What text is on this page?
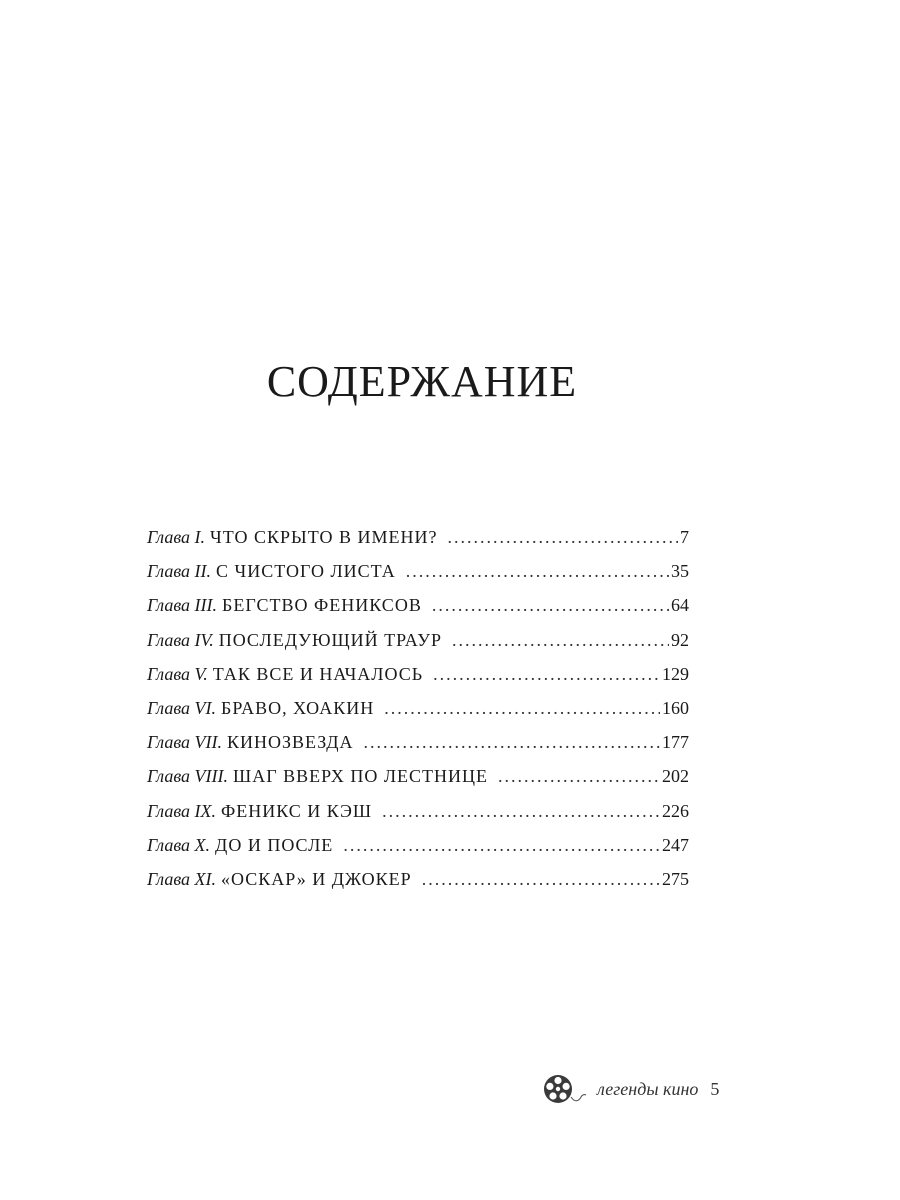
СОДЕРЖАНИЕ
Глава I. ЧТО СКРЫТО В ИМЕНИ? .....	7
Глава II. С ЧИСТОГО ЛИСТА .....	35
Глава III. БЕГСТВО ФЕНИКСОВ .....	64
Глава IV. ПОСЛЕДУЮЩИЙ ТРАУР .....	92
Глава V. ТАК ВСЕ И НАЧАЛОСЬ .....	129
Глава VI. БРАВО, ХОАКИН .....	160
Глава VII. КИНОЗВЕЗДА .....	177
Глава VIII. ШАГ ВВЕРХ ПО ЛЕСТНИЦЕ .....	202
Глава IX. ФЕНИКС И КЭШ .....	226
Глава X. ДО И ПОСЛЕ .....	247
Глава XI. «ОСКАР» И ДЖОКЕР .....	275
легенды кино 5
